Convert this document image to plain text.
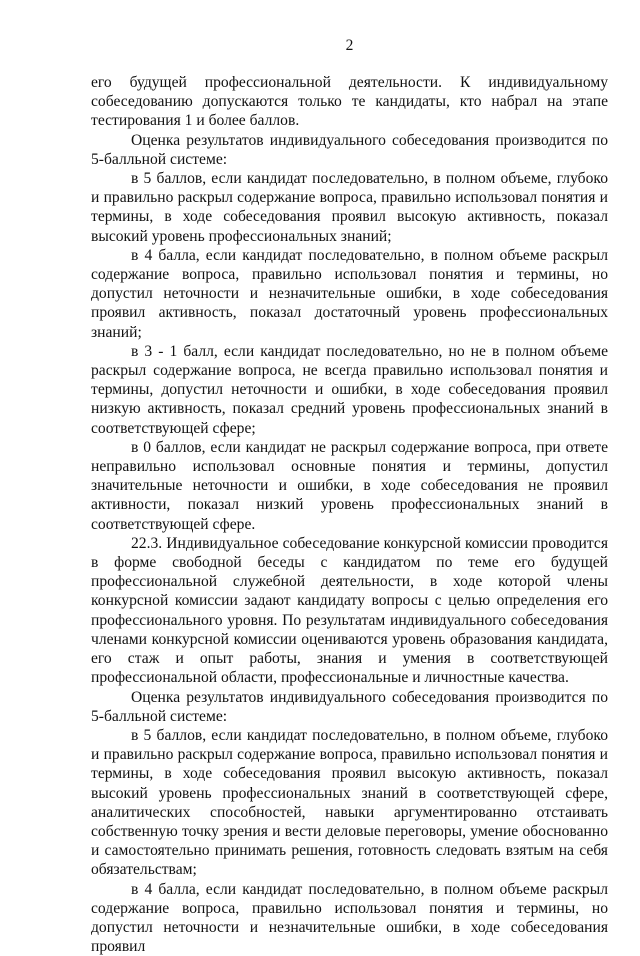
2

его будущей профессиональной деятельности. К индивидуальному собеседованию допускаются только те кандидаты, кто набрал на этапе тестирования 1 и более баллов.

Оценка результатов индивидуального собеседования производится по 5-балльной системе:

в 5 баллов, если кандидат последовательно, в полном объеме, глубоко и правильно раскрыл содержание вопроса, правильно использовал понятия и термины, в ходе собеседования проявил высокую активность, показал высокий уровень профессиональных знаний;

в 4 балла, если кандидат последовательно, в полном объеме раскрыл содержание вопроса, правильно использовал понятия и термины, но допустил неточности и незначительные ошибки, в ходе собеседования проявил активность, показал достаточный уровень профессиональных знаний;

в 3 - 1 балл, если кандидат последовательно, но не в полном объеме раскрыл содержание вопроса, не всегда правильно использовал понятия и термины, допустил неточности и ошибки, в ходе собеседования проявил низкую активность, показал средний уровень профессиональных знаний в соответствующей сфере;

в 0 баллов, если кандидат не раскрыл содержание вопроса, при ответе неправильно использовал основные понятия и термины, допустил значительные неточности и ошибки, в ходе собеседования не проявил активности, показал низкий уровень профессиональных знаний в соответствующей сфере.

22.3. Индивидуальное собеседование конкурсной комиссии проводится в форме свободной беседы с кандидатом по теме его будущей профессиональной служебной деятельности, в ходе которой члены конкурсной комиссии задают кандидату вопросы с целью определения его профессионального уровня. По результатам индивидуального собеседования членами конкурсной комиссии оцениваются уровень образования кандидата, его стаж и опыт работы, знания и умения в соответствующей профессиональной области, профессиональные и личностные качества.

Оценка результатов индивидуального собеседования производится по 5-балльной системе:

в 5 баллов, если кандидат последовательно, в полном объеме, глубоко и правильно раскрыл содержание вопроса, правильно использовал понятия и термины, в ходе собеседования проявил высокую активность, показал высокий уровень профессиональных знаний в соответствующей сфере, аналитических способностей, навыки аргументированно отстаивать собственную точку зрения и вести деловые переговоры, умение обоснованно и самостоятельно принимать решения, готовность следовать взятым на себя обязательствам;

в 4 балла, если кандидат последовательно, в полном объеме раскрыл содержание вопроса, правильно использовал понятия и термины, но допустил неточности и незначительные ошибки, в ходе собеседования проявил
